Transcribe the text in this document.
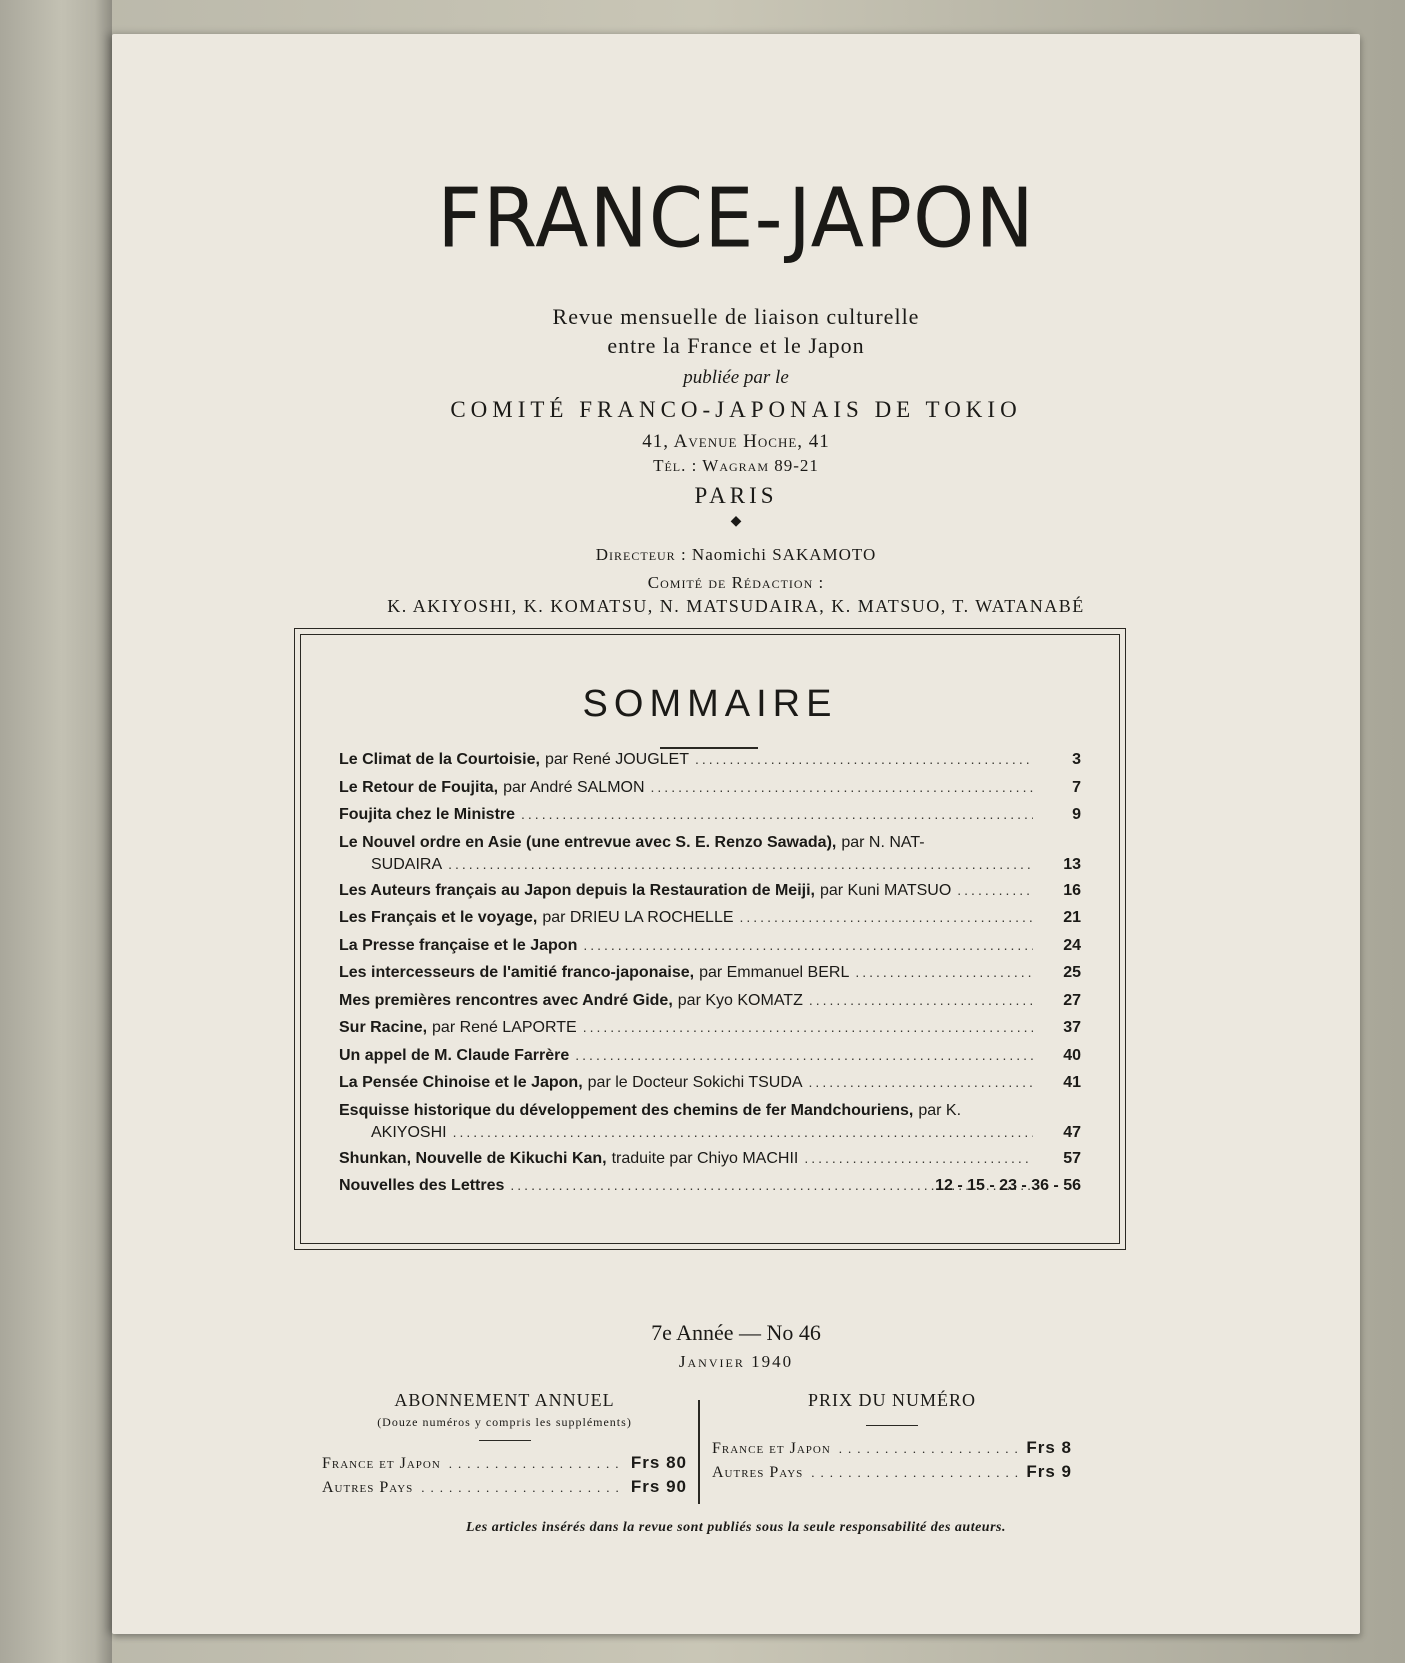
FRANCE-JAPON
Revue mensuelle de liaison culturelle
entre la France et le Japon
publiée par le
COMITÉ FRANCO-JAPONAIS DE TOKIO
41, Avenue Hoche, 41
Tél. : Wagram 89-21
PARIS
◆
Directeur : Naomichi SAKAMOTO
Comité de Rédaction :
K. AKIYOSHI, K. KOMATSU, N. MATSUDAIRA, K. MATSUO, T. WATANABÉ
SOMMAIRE
Le Climat de la Courtoisie, par René JOUGLET .....	3
Le Retour de Foujita, par André SALMON .....	7
Foujita chez le Ministre .....	9
Le Nouvel ordre en Asie (une entrevue avec S. E. Renzo Sawada), par N. NAT-
SUDAIRA .....	13
Les Auteurs français au Japon depuis la Restauration de Meiji, par Kuni MATSUO .....	16
Les Français et le voyage, par DRIEU LA ROCHELLE .....	21
La Presse française et le Japon .....	24
Les intercesseurs de l'amitié franco-japonaise, par Emmanuel BERL .....	25
Mes premières rencontres avec André Gide, par Kyo KOMATZ .....	27
Sur Racine, par René LAPORTE .....	37
Un appel de M. Claude Farrère .....	40
La Pensée Chinoise et le Japon, par le Docteur Sokichi TSUDA .....	41
Esquisse historique du développement des chemins de fer Mandchouriens, par K.
AKIYOSHI .....	47
Shunkan, Nouvelle de Kikuchi Kan, traduite par Chiyo MACHII .....	57
Nouvelles des Lettres .....	12 - 15 - 23 - 36 - 56
7e Année — No 46
Janvier 1940
ABONNEMENT ANNUEL
(Douze numéros y compris les suppléments)
France et Japon .....	Frs 80
Autres Pays .....	Frs 90
PRIX DU NUMÉRO
France et Japon .....	Frs 8
Autres Pays .....	Frs 9
Les articles insérés dans la revue sont publiés sous la seule responsabilité des auteurs.
